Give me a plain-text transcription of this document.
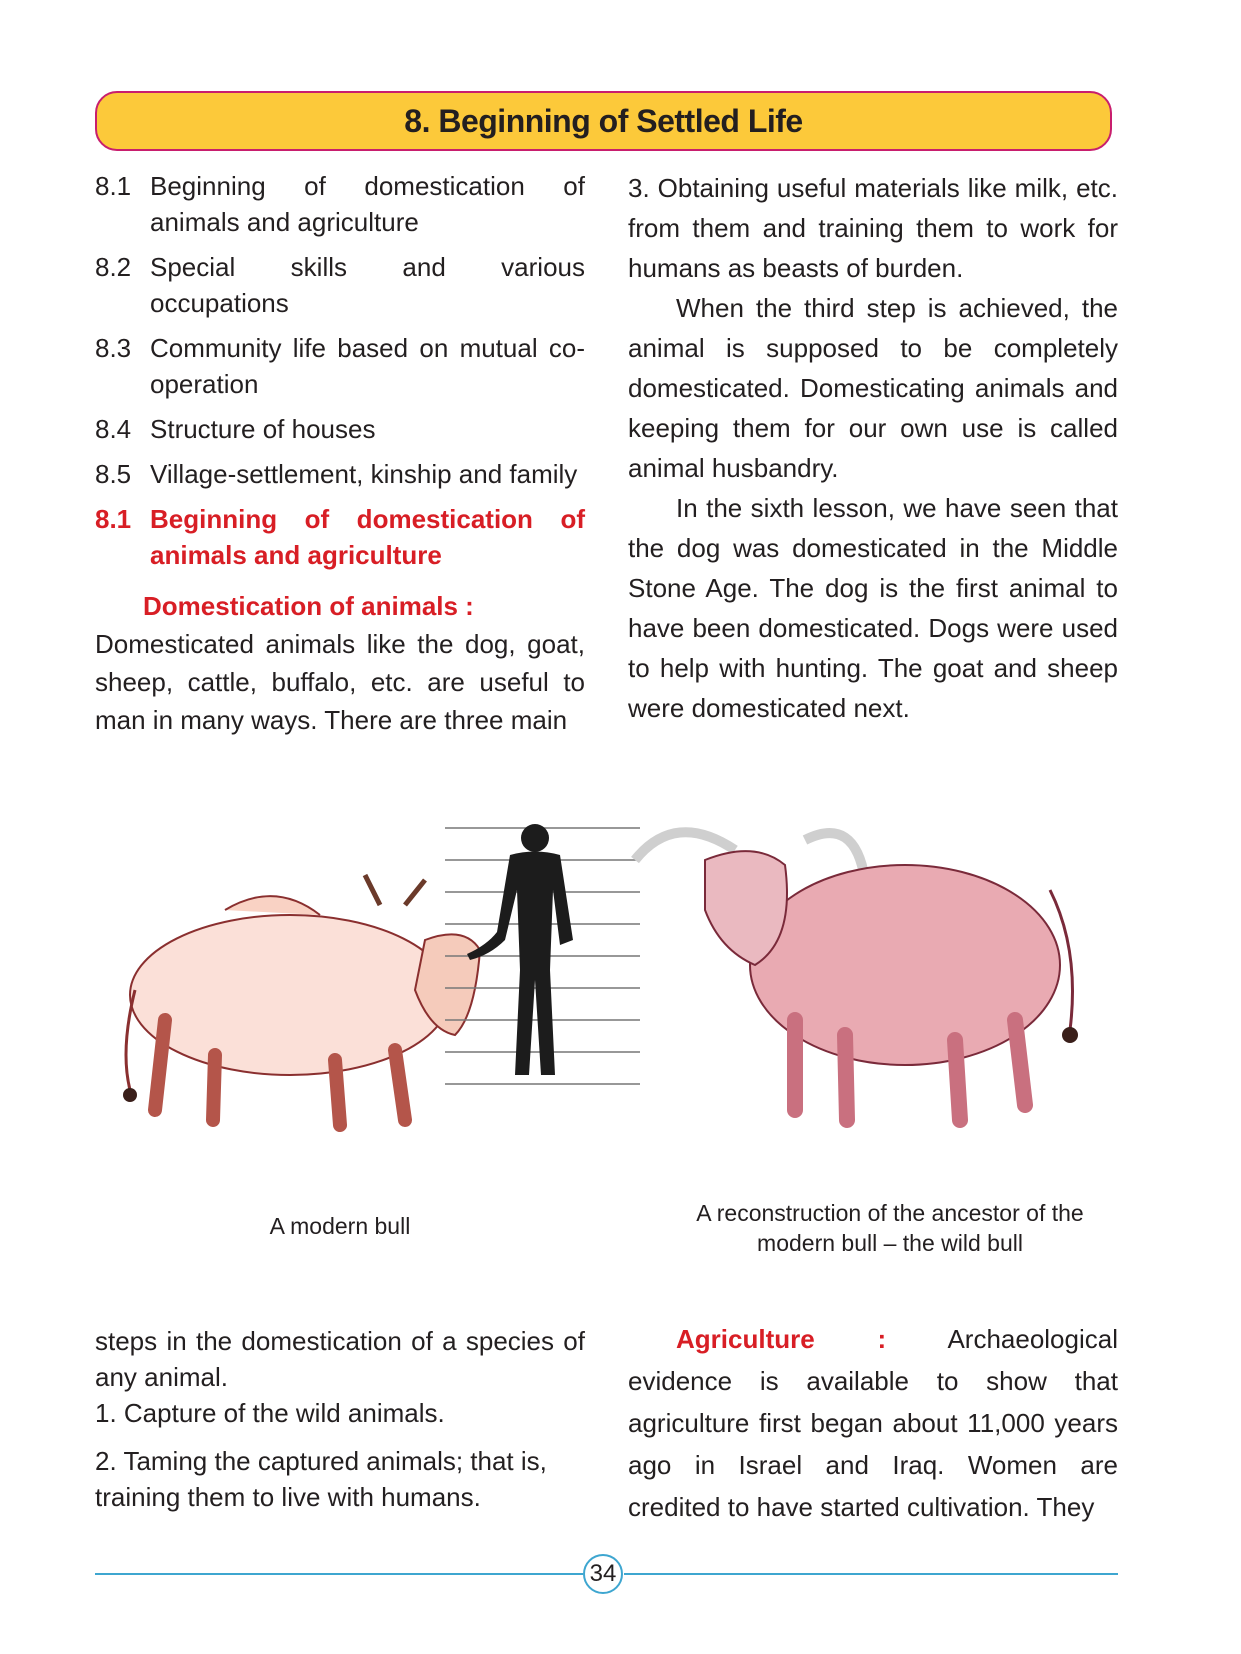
8. Beginning of Settled Life
8.1 Beginning of domestication of animals and agriculture
8.2 Special skills and various occupations
8.3 Community life based on mutual co-operation
8.4 Structure of houses
8.5 Village-settlement, kinship and family
8.1 Beginning of domestication of animals and agriculture
Domestication of animals :

Domesticated animals like the dog, goat, sheep, cattle, buffalo, etc. are useful to man in many ways. There are three main

3. Obtaining useful materials like milk, etc. from them and training them to work for humans as beasts of burden.

When the third step is achieved, the animal is supposed to be completely domesticated. Domesticating animals and keeping them for our own use is called animal husbandry.

In the sixth lesson, we have seen that the dog was domesticated in the Middle Stone Age. The dog is the first animal to have been domesticated. Dogs were used to help with hunting. The goat and sheep were domesticated next.

A modern bull	A reconstruction of the ancestor of the modern bull – the wild bull

steps in the domestication of a species of any animal.

1. Capture of the wild animals.

2. Taming the captured animals; that is, training them to live with humans.

Agriculture : Archaeological evidence is available to show that agriculture first began about 11,000 years ago in Israel and Iraq. Women are credited to have started cultivation. They

34
